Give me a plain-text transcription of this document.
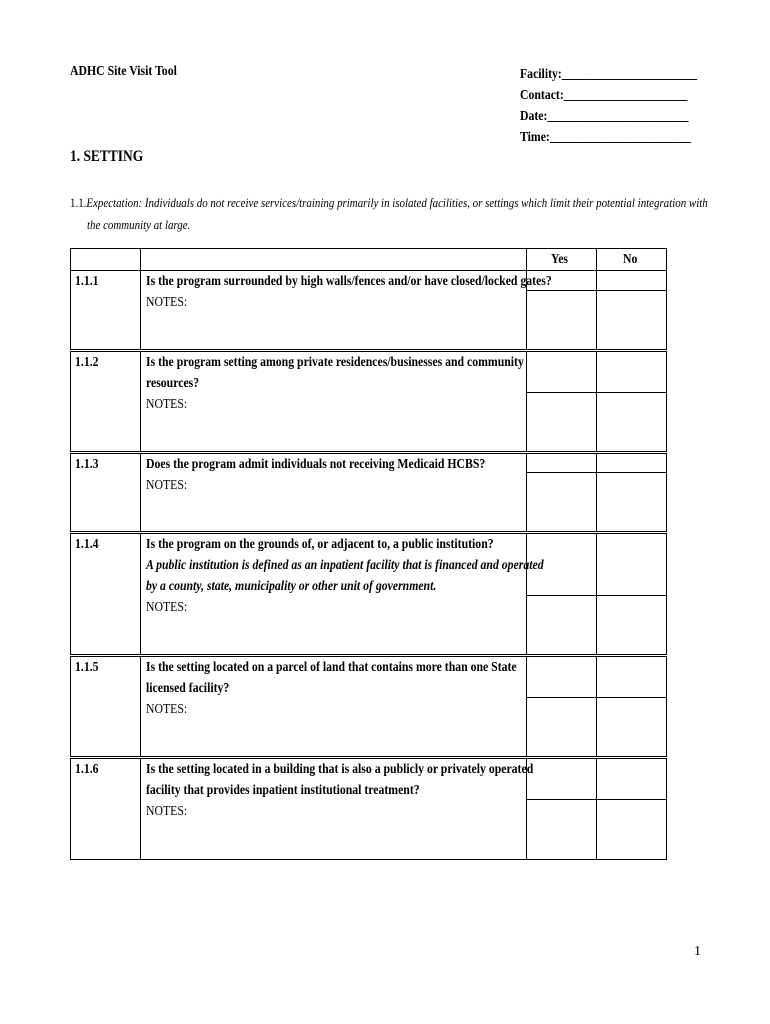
ADHC Site Visit Tool	Facility:_______________________
Contact:_____________________
Date:________________________
Time:________________________
1. SETTING
1.1.Expectation: Individuals do not receive services/training primarily in isolated facilities, or settings which limit their potential integration with
the community at large.
		Yes	No
1.1.1	Is the program surrounded by high walls/fences and/or have closed/locked gates?
NOTES:		

1.1.2	Is the program setting among private residences/businesses and community
resources?
NOTES:		

1.1.3	Does the program admit individuals not receiving Medicaid HCBS?
NOTES:		

1.1.4	Is the program on the grounds of, or adjacent to, a public institution?
A public institution is defined as an inpatient facility that is financed and operated
by a county, state, municipality or other unit of government.
NOTES:		

1.1.5	Is the setting located on a parcel of land that contains more than one State
licensed facility?
NOTES:		

1.1.6	Is the setting located in a building that is also a publicly or privately operated
facility that provides inpatient institutional treatment?
NOTES:		

1
